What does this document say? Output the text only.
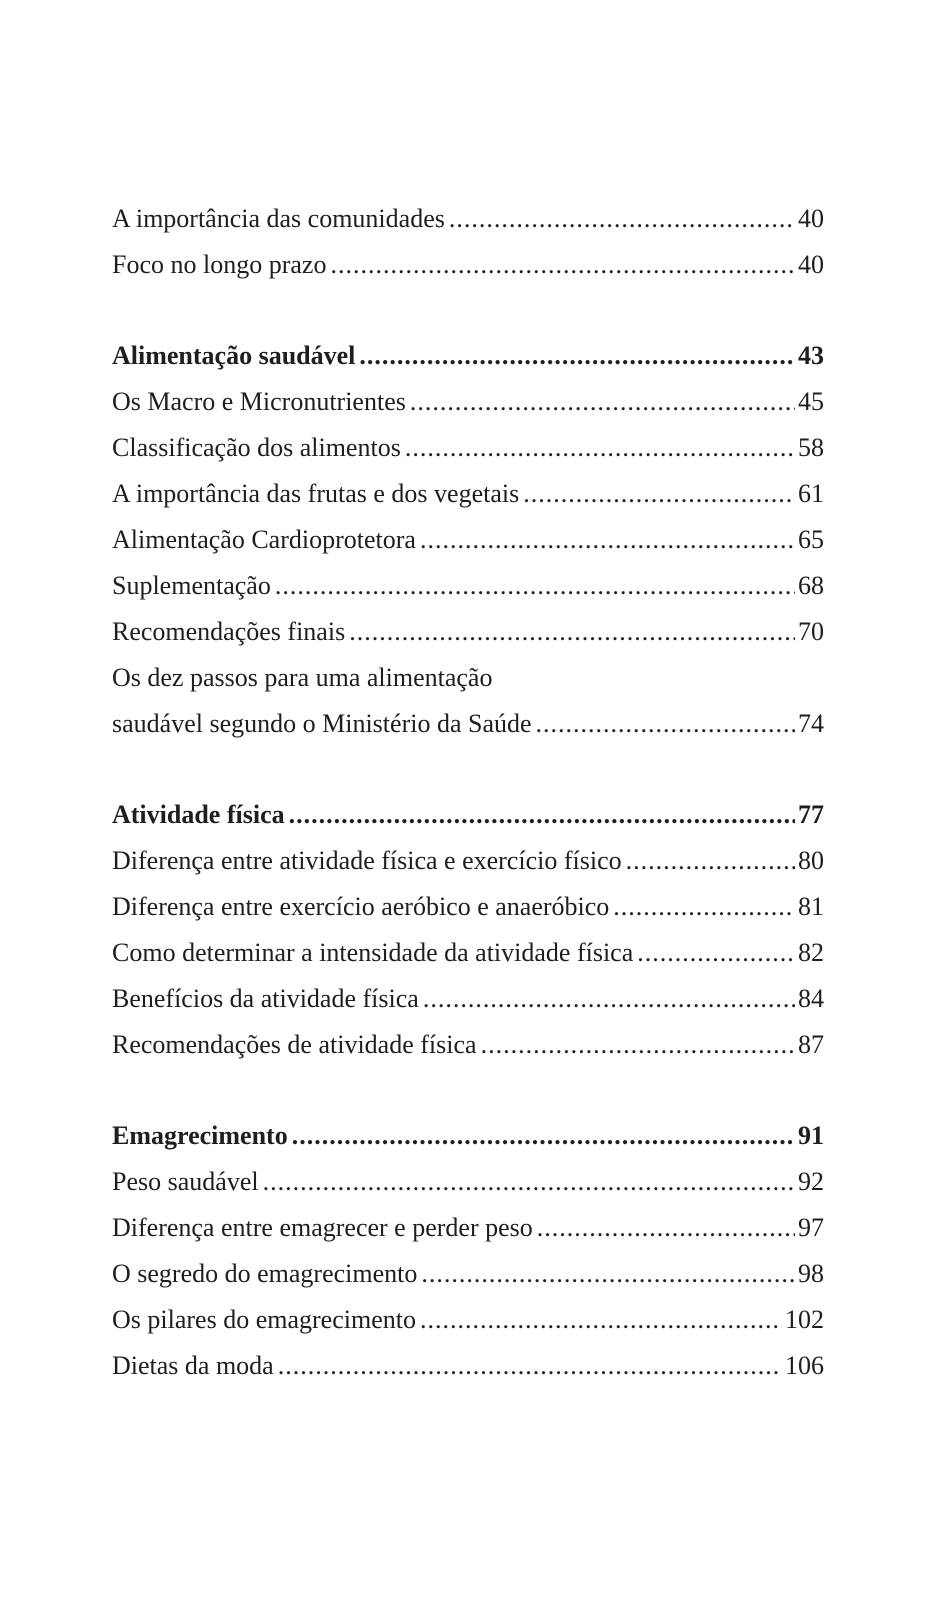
A importância das comunidades .....	40
Foco no longo prazo .....	40
Alimentação saudável .....	43
Os Macro e Micronutrientes .....	45
Classificação dos alimentos .....	58
A importância das frutas e dos vegetais .....	61
Alimentação Cardioprotetora .....	65
Suplementação .....	68
Recomendações finais .....	70
Os dez passos para uma alimentação
saudável segundo o Ministério da Saúde .....	74
Atividade física .....	77
Diferença entre atividade física e exercício físico .....	80
Diferença entre exercício aeróbico e anaeróbico .....	81
Como determinar a intensidade da atividade física .....	82
Benefícios da atividade física .....	84
Recomendações de atividade física .....	87
Emagrecimento .....	91
Peso saudável .....	92
Diferença entre emagrecer e perder peso .....	97
O segredo do emagrecimento .....	98
Os pilares do emagrecimento .....	102
Dietas da moda .....	106
